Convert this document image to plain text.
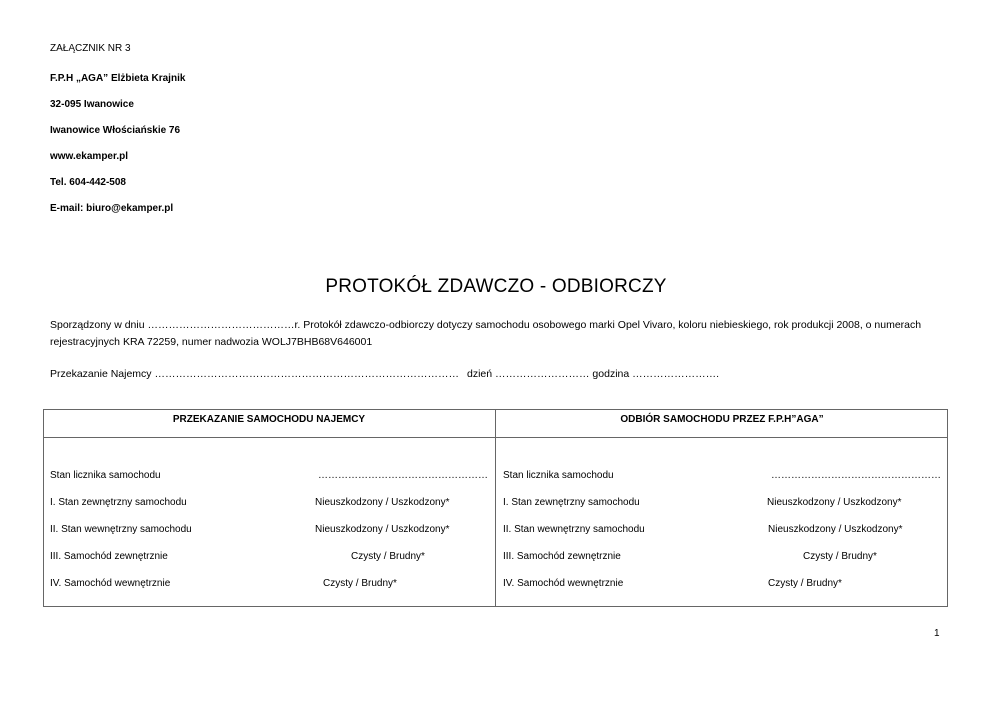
ZAŁĄCZNIK NR 3
F.P.H „AGA” Elżbieta Krajnik
32-095 Iwanowice
Iwanowice Włościańskie 76
www.ekamper.pl
Tel. 604-442-508
E-mail: biuro@ekamper.pl
PROTOKÓŁ ZDAWCZO - ODBIORCZY
Sporządzony w dniu ……………………………………r. Protokół zdawczo-odbiorczy dotyczy samochodu osobowego marki Opel Vivaro, koloru niebieskiego, rok produkcji 2008, o numerach rejestracyjnych KRA 72259, numer nadwozia WOLJ7BHB68V646001
Przekazanie Najemcy …………………………………………………………………………… dzień ……………………… godzina …………………….
PRZEKAZANIE SAMOCHODU NAJEMCY	ODBIÓR SAMOCHODU PRZEZ F.P.H”AGA”
Stan licznika samochodu	……………………………………………
I. Stan zewnętrzny samochodu	Nieuszkodzony / Uszkodzony*
II. Stan wewnętrzny samochodu	Nieuszkodzony / Uszkodzony*
III. Samochód zewnętrznie	Czysty / Brudny*
IV. Samochód wewnętrznie	Czysty / Brudny*
Stan licznika samochodu	……………………………………………
I. Stan zewnętrzny samochodu	Nieuszkodzony / Uszkodzony*
II. Stan wewnętrzny samochodu	Nieuszkodzony / Uszkodzony*
III. Samochód zewnętrznie	Czysty / Brudny*
IV. Samochód wewnętrznie	Czysty / Brudny*
1
